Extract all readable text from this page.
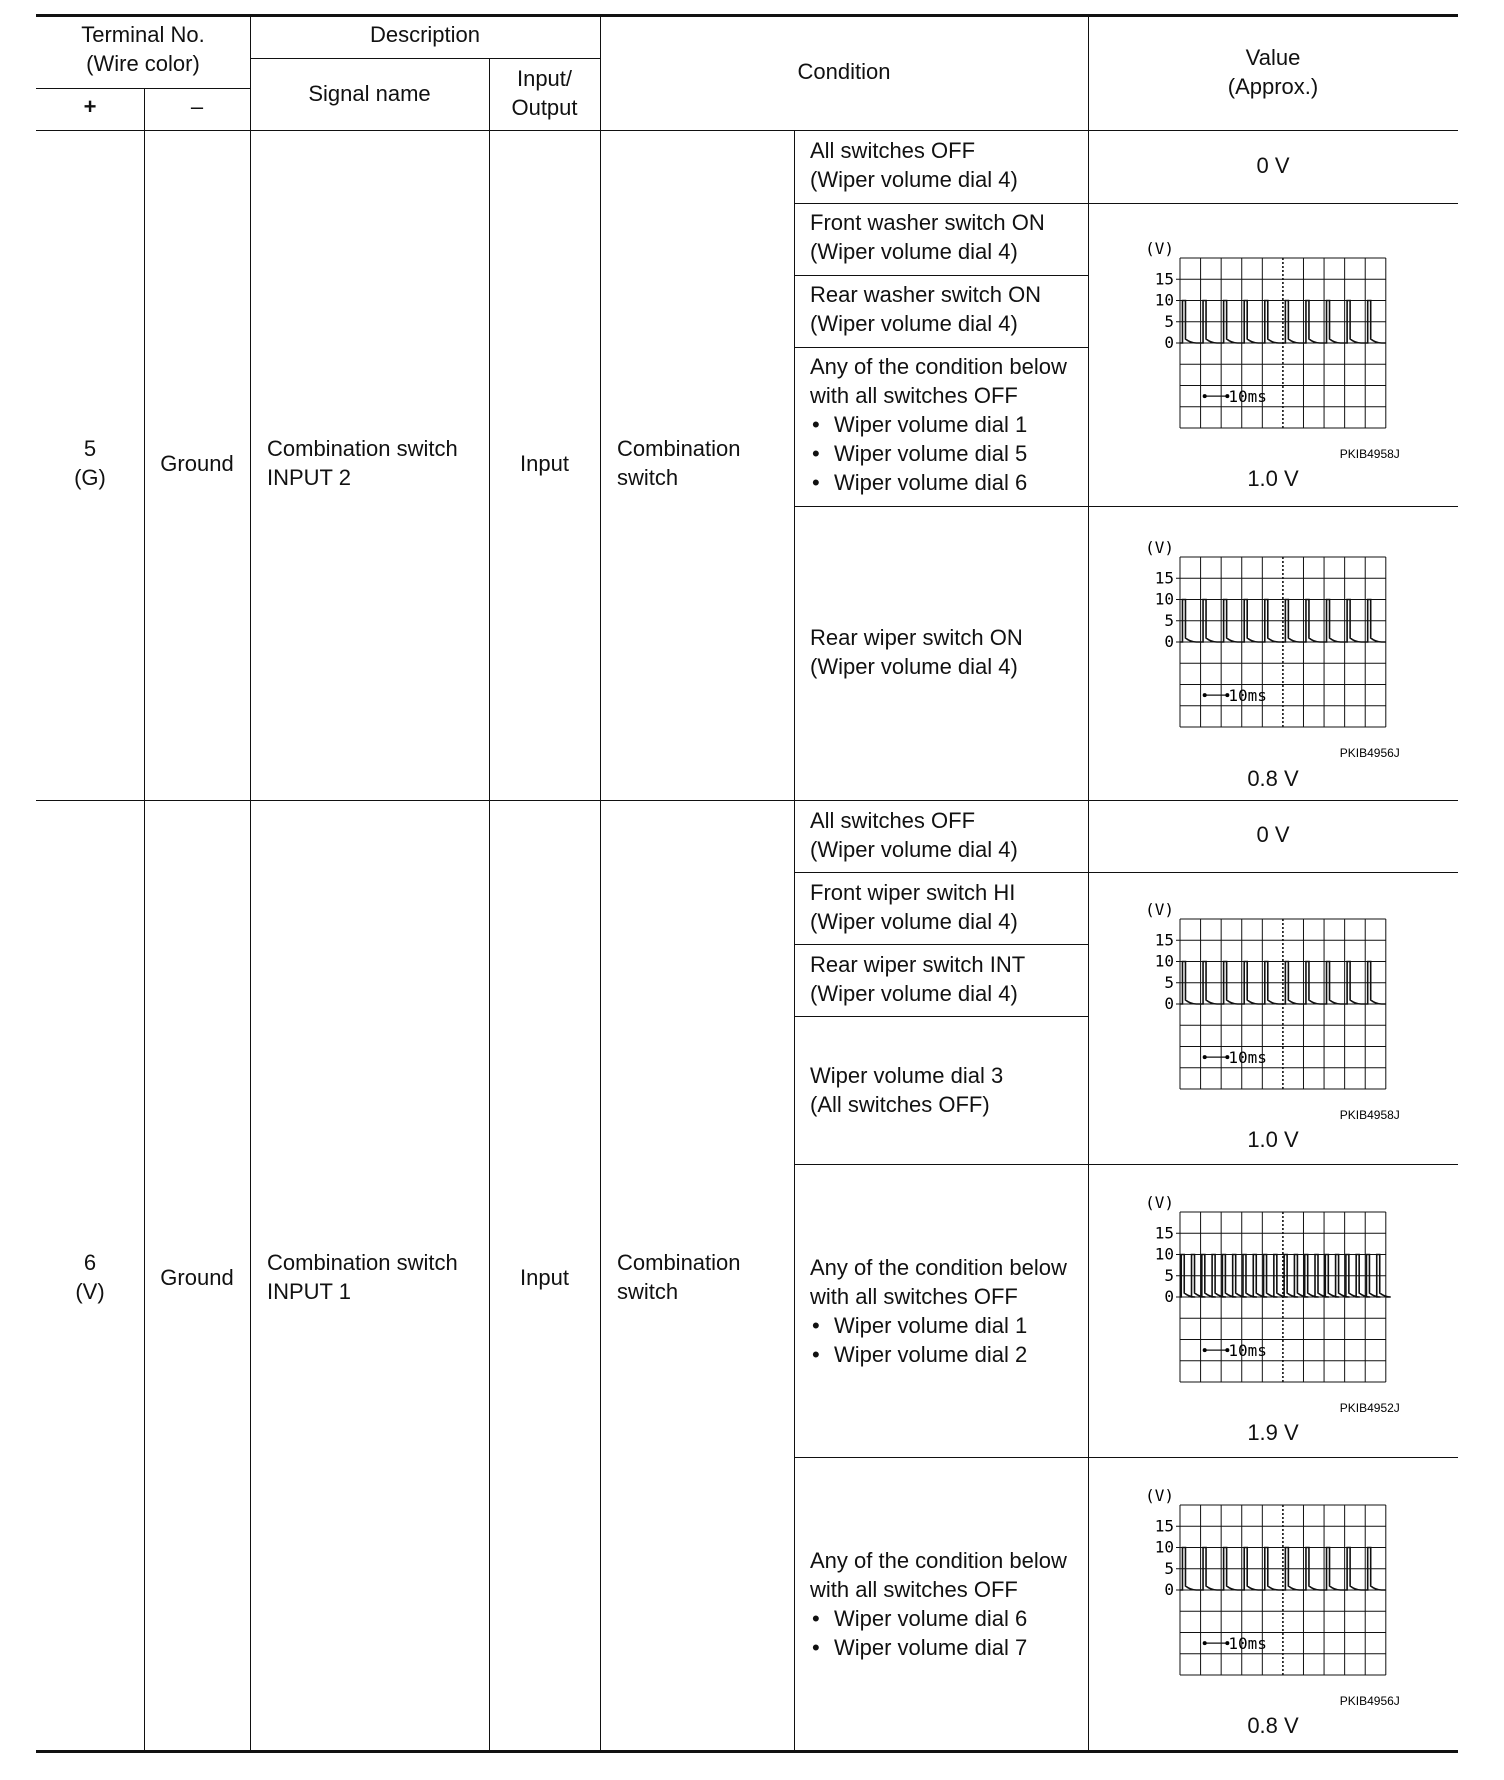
Terminal No.
(Wire color)
+	–
Description
Signal name
Input/
Output
Condition
Value
(Approx.)
5
(G)
Ground
Combination switch
INPUT 2
Input
Combination
switch
All switches OFF
(Wiper volume dial 4)
Front washer switch ON
(Wiper volume dial 4)
Rear washer switch ON
(Wiper volume dial 4)
Any of the condition below
with all switches OFF
• Wiper volume dial 1
• Wiper volume dial 5
• Wiper volume dial 6
Rear wiper switch ON
(Wiper volume dial 4)
0 V
1.0 V
0.8 V
6
(V)
Ground
Combination switch
INPUT 1
Input
Combination
switch
All switches OFF
(Wiper volume dial 4)
Front wiper switch HI
(Wiper volume dial 4)
Rear wiper switch INT
(Wiper volume dial 4)
Wiper volume dial 3
(All switches OFF)
Any of the condition below
with all switches OFF
• Wiper volume dial 1
• Wiper volume dial 2
Any of the condition below
with all switches OFF
• Wiper volume dial 6
• Wiper volume dial 7
0 V
1.0 V
1.9 V
0.8 V
(V)
15
10
5
0
10ms
PKIB4958J
(V)
15
10
5
0
10ms
PKIB4956J
(V)
15
10
5
0
10ms
PKIB4958J
(V)
15
10
5
0
10ms
PKIB4952J
(V)
15
10
5
0
10ms
PKIB4956J
